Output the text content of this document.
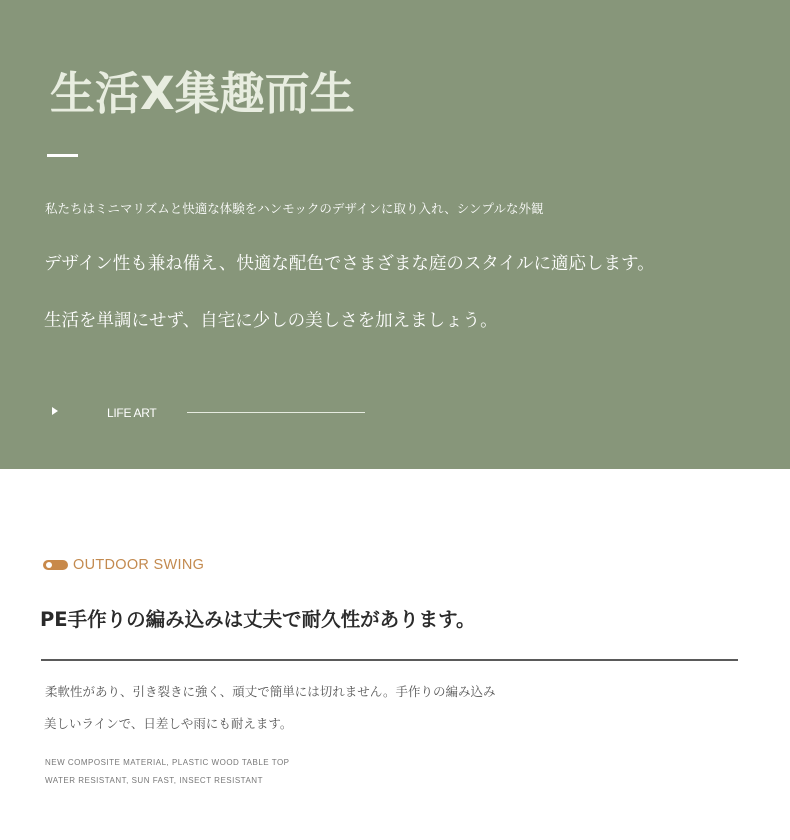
生活X集趣而生
私たちはミニマリズムと快適な体験をハンモックのデザインに取り入れ、シンプルな外観
デザイン性も兼ね備え、快適な配色でさまざまな庭のスタイルに適応します。
生活を単調にせず、自宅に少しの美しさを加えましょう。
LIFE ART
OUTDOOR SWING
PE手作りの編み込みは丈夫で耐久性があります。
柔軟性があり、引き裂きに強く、頑丈で簡単には切れません。手作りの編み込み
美しいラインで、日差しや雨にも耐えます。
NEW COMPOSITE MATERIAL, PLASTIC WOOD TABLE TOP
WATER RESISTANT, SUN FAST, INSECT RESISTANT
